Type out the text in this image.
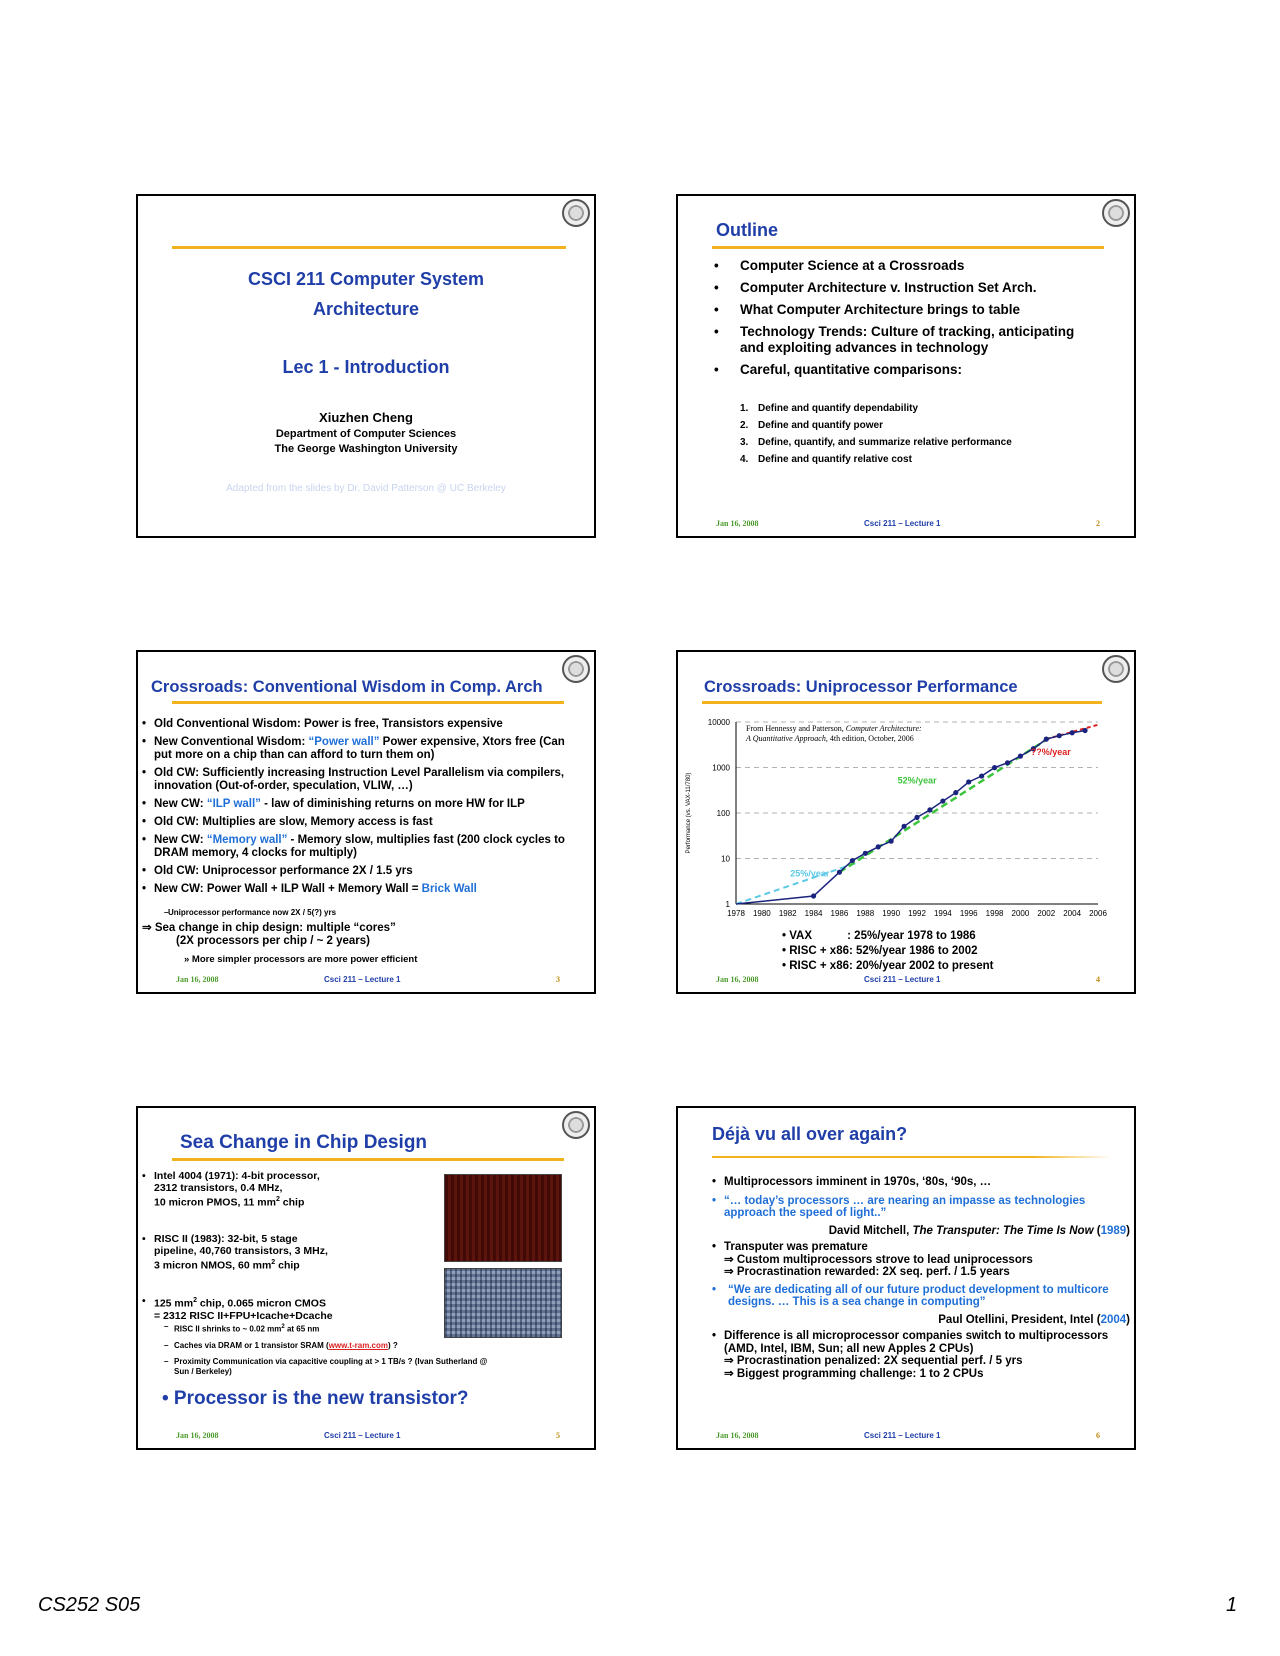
CSCI 211 Computer System
Architecture
Lec 1 - Introduction
Xiuzhen Cheng
Department of Computer Sciences
The George Washington University
Adapted from the slides by Dr. David Patterson @ UC Berkeley
Outline
• Computer Science at a Crossroads
• Computer Architecture v. Instruction Set Arch.
• What Computer Architecture brings to table
• Technology Trends: Culture of tracking, anticipating and exploiting advances in technology
• Careful, quantitative comparisons:
1. Define and quantify dependability
2. Define and quantify power
3. Define, quantify, and summarize relative performance
4. Define and quantify relative cost
Jan 16, 2008	Csci 211 – Lecture 1	2
Crossroads: Conventional Wisdom in Comp. Arch
• Old Conventional Wisdom: Power is free, Transistors expensive
• New Conventional Wisdom: “Power wall” Power expensive, Xtors free (Can put more on a chip than can afford to turn them on)
• Old CW: Sufficiently increasing Instruction Level Parallelism via compilers, innovation (Out-of-order, speculation, VLIW, …)
• New CW: “ILP wall” - law of diminishing returns on more HW for ILP
• Old CW: Multiplies are slow, Memory access is fast
• New CW: “Memory wall” - Memory slow, multiplies fast (200 clock cycles to DRAM memory, 4 clocks for multiply)
• Old CW: Uniprocessor performance 2X / 1.5 yrs
• New CW: Power Wall + ILP Wall + Memory Wall = Brick Wall
– Uniprocessor performance now 2X / 5(?) yrs
⇒ Sea change in chip design: multiple “cores”
(2X processors per chip / ~ 2 years)
» More simpler processors are more power efficient
Jan 16, 2008	Csci 211 – Lecture 1	3
Crossroads: Uniprocessor Performance
1
10
100
1000
10000
1978 1980 1982 1984 1986 1988 1990 1992 1994 1996 1998 2000 2002 2004 2006
Performance (vs. VAX-11/780)
25%/year
52%/year
??%/year
From Hennessy and Patterson, Computer Architecture: A Quantitative Approach, 4th edition, October, 2006
• VAX           : 25%/year 1978 to 1986
• RISC + x86: 52%/year 1986 to 2002
• RISC + x86: 20%/year 2002 to present
Jan 16, 2008	Csci 211 – Lecture 1	4
Sea Change in Chip Design
• Intel 4004 (1971): 4-bit processor,
2312 transistors, 0.4 MHz,
10 micron PMOS, 11 $mm^2$ chip
• RISC II (1983): 32-bit, 5 stage
pipeline, 40,760 transistors, 3 MHz,
3 micron NMOS, 60 $mm^2$ chip
• 125 $mm^2$ chip, 0.065 micron CMOS
= 2312 RISC II+FPU+Icache+Dcache
– RISC II shrinks to ~ 0.02 $mm^2$ at 65 nm
– Caches via DRAM or 1 transistor SRAM (www.t-ram.com) ?
– Proximity Communication via capacitive coupling at > 1 TB/s ? (Ivan Sutherland @ Sun / Berkeley)
• Processor is the new transistor?
Jan 16, 2008	Csci 211 – Lecture 1	5
Déjà vu all over again?
• Multiprocessors imminent in 1970s, ‘80s, ‘90s, …
• “… today’s processors … are nearing an impasse as technologies approach the speed of light..”
David Mitchell, The Transputer: The Time Is Now (1989)
• Transputer was premature
⇒ Custom multiprocessors strove to lead uniprocessors
⇒ Procrastination rewarded: 2X seq. perf. / 1.5 years
• “We are dedicating all of our future product development to multicore designs. … This is a sea change in computing”
Paul Otellini, President, Intel (2004)
• Difference is all microprocessor companies switch to multiprocessors (AMD, Intel, IBM, Sun; all new Apples 2 CPUs)
⇒ Procrastination penalized: 2X sequential perf. / 5 yrs
⇒ Biggest programming challenge: 1 to 2 CPUs
Jan 16, 2008	Csci 211 – Lecture 1	6
CS252 S05	1
